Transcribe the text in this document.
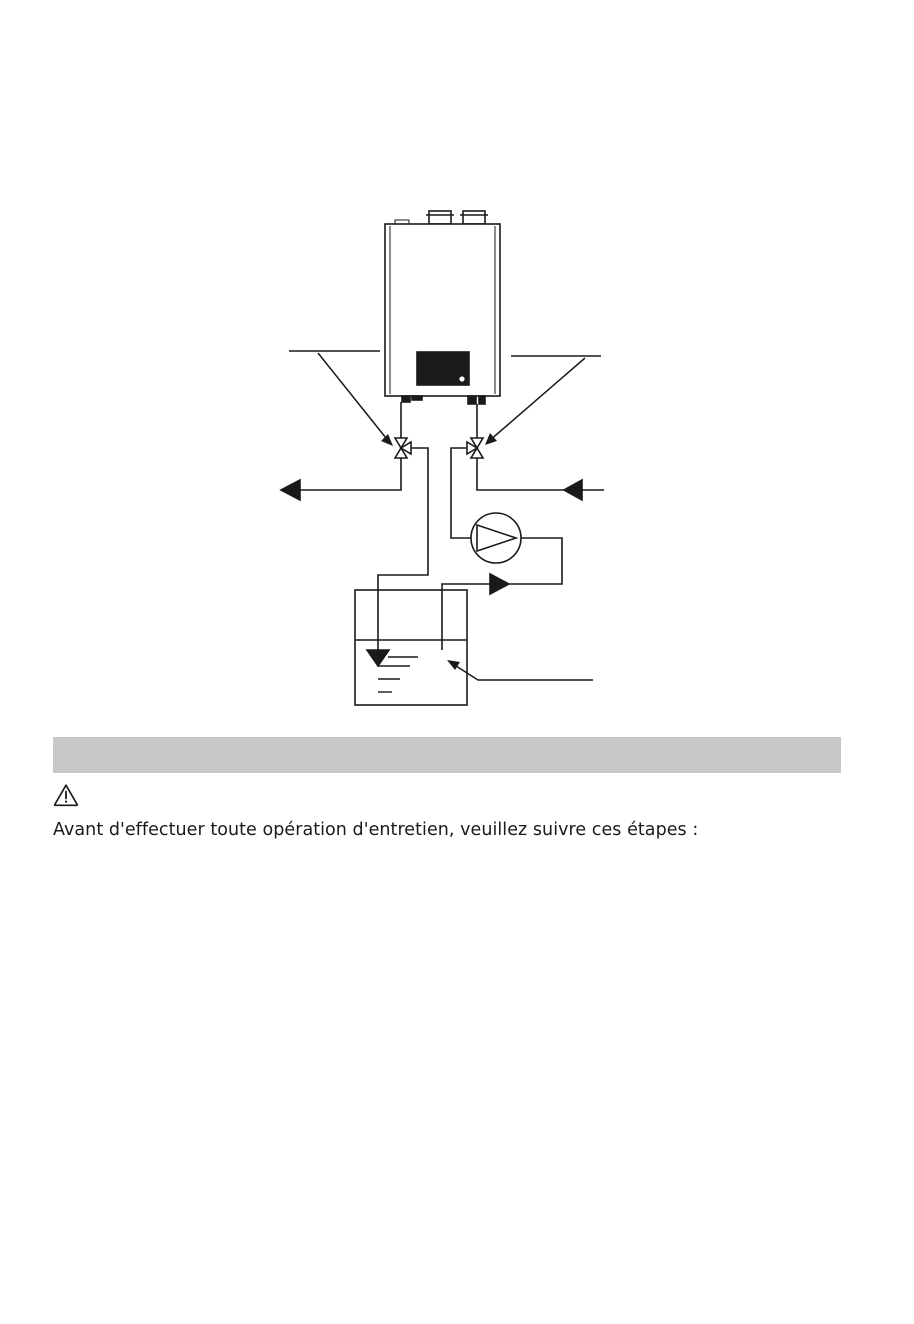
Avant d'effectuer toute opération d'entretien, veuillez suivre ces étapes :
